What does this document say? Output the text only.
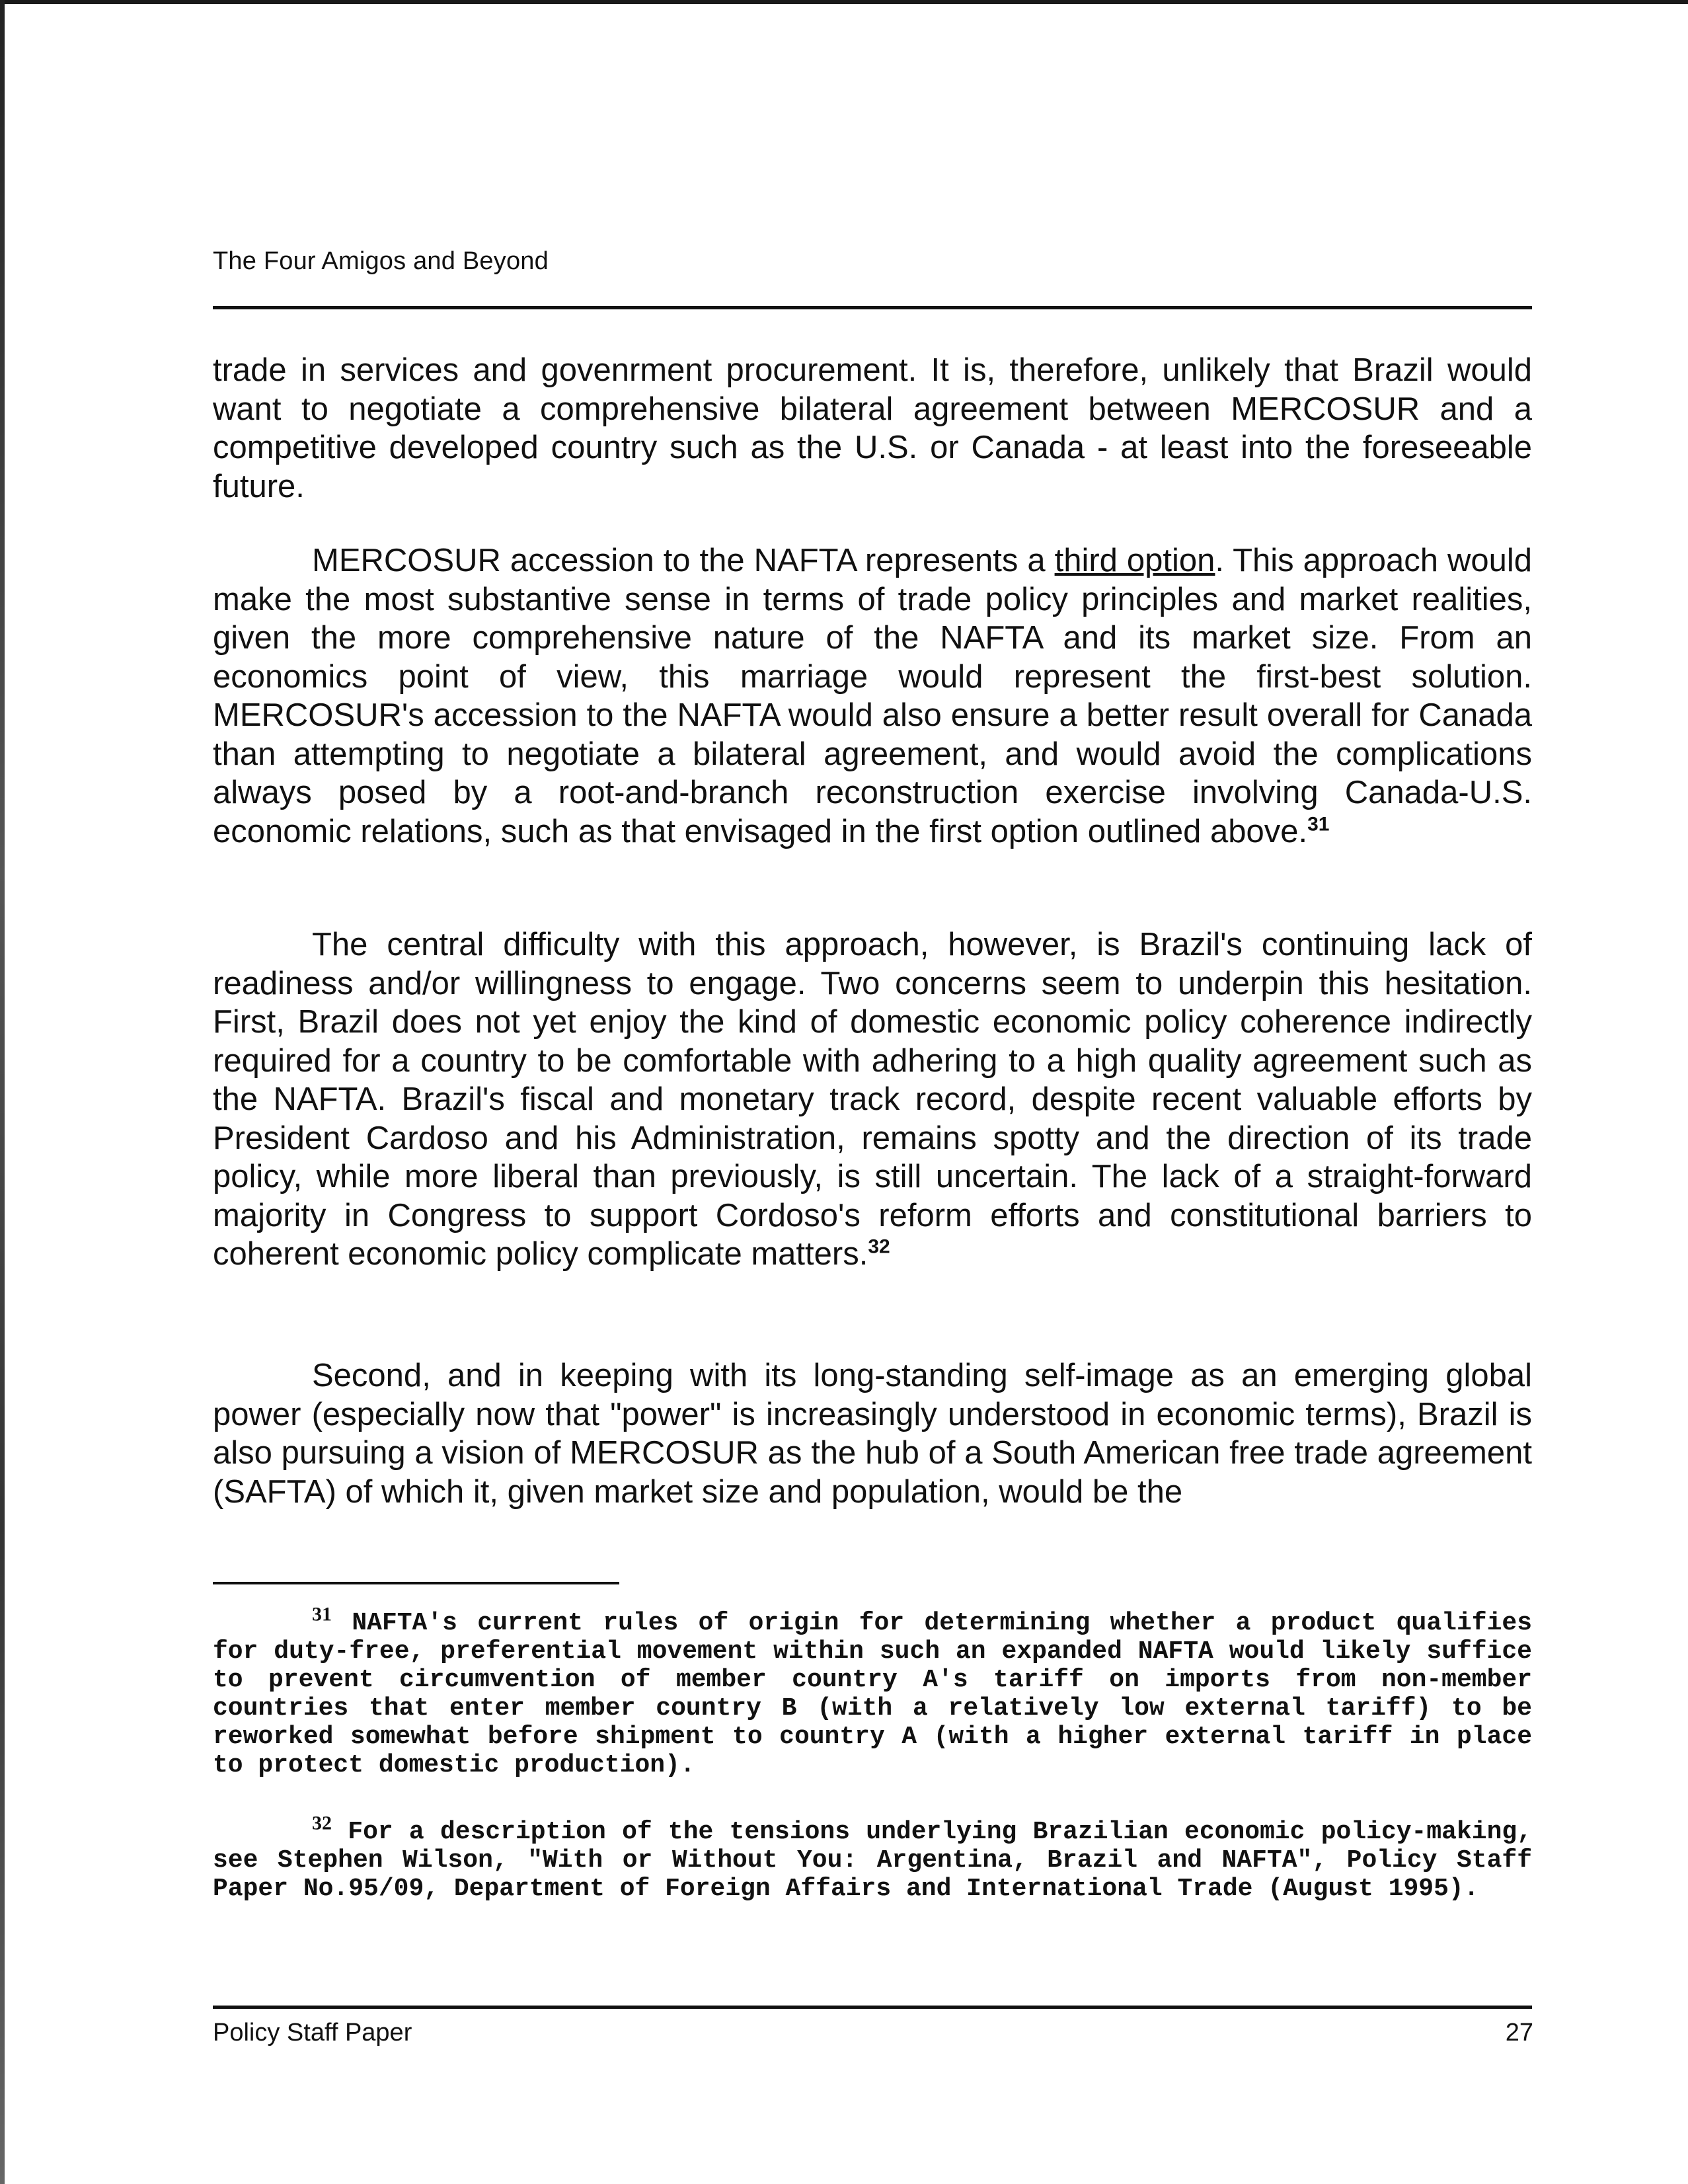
The Four Amigos and Beyond
trade in services and govenrment procurement. It is, therefore, unlikely that Brazil would want to negotiate a comprehensive bilateral agreement between MERCOSUR and a competitive developed country such as the U.S. or Canada - at least into the foreseeable future.
MERCOSUR accession to the NAFTA represents a third option. This approach would make the most substantive sense in terms of trade policy principles and market realities, given the more comprehensive nature of the NAFTA and its market size. From an economics point of view, this marriage would represent the first-best solution. MERCOSUR's accession to the NAFTA would also ensure a better result overall for Canada than attempting to negotiate a bilateral agreement, and would avoid the complications always posed by a root-and-branch reconstruction exercise involving Canada-U.S. economic relations, such as that envisaged in the first option outlined above.$^{31}$
The central difficulty with this approach, however, is Brazil's continuing lack of readiness and/or willingness to engage. Two concerns seem to underpin this hesitation. First, Brazil does not yet enjoy the kind of domestic economic policy coherence indirectly required for a country to be comfortable with adhering to a high quality agreement such as the NAFTA. Brazil's fiscal and monetary track record, despite recent valuable efforts by President Cardoso and his Administration, remains spotty and the direction of its trade policy, while more liberal than previously, is still uncertain. The lack of a straight-forward majority in Congress to support Cordoso's reform efforts and constitutional barriers to coherent economic policy complicate matters.$^{32}$
Second, and in keeping with its long-standing self-image as an emerging global power (especially now that "power" is increasingly understood in economic terms), Brazil is also pursuing a vision of MERCOSUR as the hub of a South American free trade agreement (SAFTA) of which it, given market size and population, would be the
$^{31}$ NAFTA's current rules of origin for determining whether a product qualifies for duty-free, preferential movement within such an expanded NAFTA would likely suffice to prevent circumvention of member country A's tariff on imports from non-member countries that enter member country B (with a relatively low external tariff) to be reworked somewhat before shipment to country A (with a higher external tariff in place to protect domestic production).
$^{32}$ For a description of the tensions underlying Brazilian economic policy-making, see Stephen Wilson, "With or Without You: Argentina, Brazil and NAFTA", Policy Staff Paper No.95/09, Department of Foreign Affairs and International Trade (August 1995).
Policy Staff Paper	27
